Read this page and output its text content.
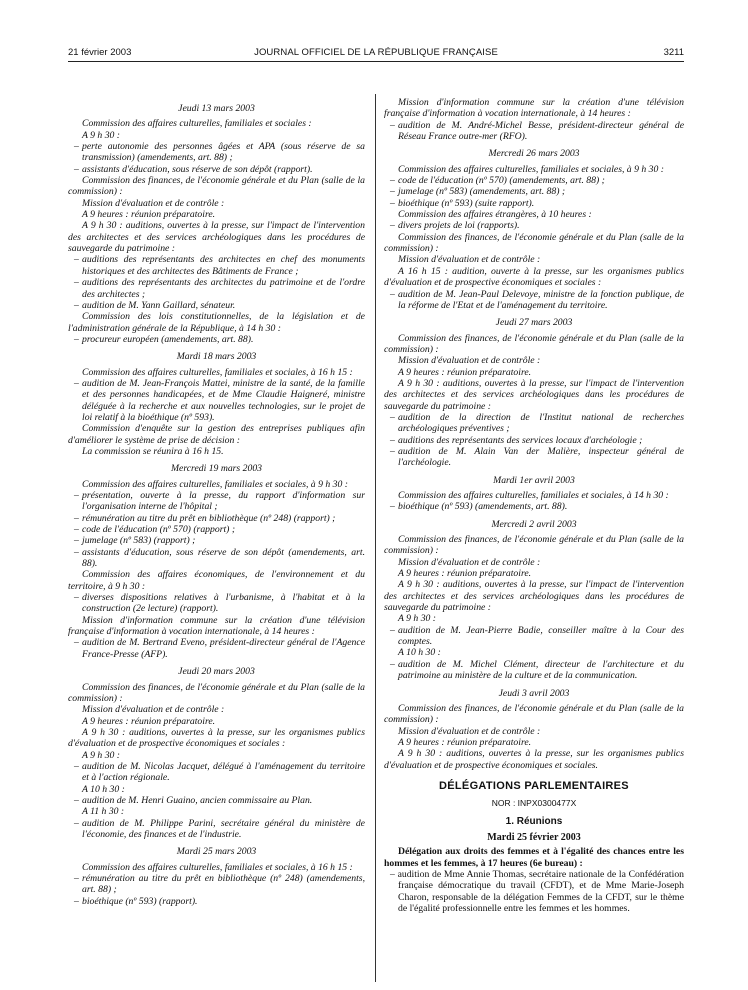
21 février 2003	JOURNAL OFFICIEL DE LA RÉPUBLIQUE FRANÇAISE	3211

Jeudi 13 mars 2003

Commission des affaires culturelles, familiales et sociales :

A 9 h 30 :

–perte autonomie des personnes âgées et APA (sous réserve de sa transmission) (amendements, art. 88) ;

–assistants d'éducation, sous réserve de son dépôt (rapport).

Commission des finances, de l'économie générale et du Plan (salle de la commission) :

Mission d'évaluation et de contrôle :

A 9 heures : réunion préparatoire.

A 9 h 30 : auditions, ouvertes à la presse, sur l'impact de l'intervention des architectes et des services archéologiques dans les procédures de sauvegarde du patrimoine :

–auditions des représentants des architectes en chef des monuments historiques et des architectes des Bâtiments de France ;

–auditions des représentants des architectes du patrimoine et de l'ordre des architectes ;

–audition de M. Yann Gaillard, sénateur.

Commission des lois constitutionnelles, de la législation et de l'administration générale de la République, à 14 h 30 :

–procureur européen (amendements, art. 88).

Mardi 18 mars 2003

Commission des affaires culturelles, familiales et sociales, à 16 h 15 :

–audition de M. Jean-François Mattei, ministre de la santé, de la famille et des personnes handicapées, et de Mme Claudie Haigneré, ministre déléguée à la recherche et aux nouvelles technologies, sur le projet de loi relatif à la bioéthique (nº 593).

Commission d'enquête sur la gestion des entreprises publiques afin d'améliorer le système de prise de décision :

La commission se réunira à 16 h 15.

Mercredi 19 mars 2003

Commission des affaires culturelles, familiales et sociales, à 9 h 30 :

–présentation, ouverte à la presse, du rapport d'information sur l'organisation interne de l'hôpital ;

–rémunération au titre du prêt en bibliothèque (nº 248) (rapport) ;

–code de l'éducation (nº 570) (rapport) ;

–jumelage (nº 583) (rapport) ;

–assistants d'éducation, sous réserve de son dépôt (amendements, art. 88).

Commission des affaires économiques, de l'environnement et du territoire, à 9 h 30 :

–diverses dispositions relatives à l'urbanisme, à l'habitat et à la construction (2e lecture) (rapport).

Mission d'information commune sur la création d'une télévision française d'information à vocation internationale, à 14 heures :

–audition de M. Bertrand Eveno, président-directeur général de l'Agence France-Presse (AFP).

Jeudi 20 mars 2003

Commission des finances, de l'économie générale et du Plan (salle de la commission) :

Mission d'évaluation et de contrôle :

A 9 heures : réunion préparatoire.

A 9 h 30 : auditions, ouvertes à la presse, sur les organismes publics d'évaluation et de prospective économiques et sociales :

A 9 h 30 :

–audition de M. Nicolas Jacquet, délégué à l'aménagement du territoire et à l'action régionale.

A 10 h 30 :

–audition de M. Henri Guaino, ancien commissaire au Plan.

A 11 h 30 :

–audition de M. Philippe Parini, secrétaire général du ministère de l'économie, des finances et de l'industrie.

Mardi 25 mars 2003

Commission des affaires culturelles, familiales et sociales, à 16 h 15 :

–rémunération au titre du prêt en bibliothèque (nº 248) (amendements, art. 88) ;

–bioéthique (nº 593) (rapport).

Mission d'information commune sur la création d'une télévision française d'information à vocation internationale, à 14 heures :

–audition de M. André-Michel Besse, président-directeur général de Réseau France outre-mer (RFO).

Mercredi 26 mars 2003

Commission des affaires culturelles, familiales et sociales, à 9 h 30 :

–code de l'éducation (nº 570) (amendements, art. 88) ;

–jumelage (nº 583) (amendements, art. 88) ;

–bioéthique (nº 593) (suite rapport).

Commission des affaires étrangères, à 10 heures :

–divers projets de loi (rapports).

Commission des finances, de l'économie générale et du Plan (salle de la commission) :

Mission d'évaluation et de contrôle :

A 16 h 15 : audition, ouverte à la presse, sur les organismes publics d'évaluation et de prospective économiques et sociales :

–audition de M. Jean-Paul Delevoye, ministre de la fonction publique, de la réforme de l'Etat et de l'aménagement du territoire.

Jeudi 27 mars 2003

Commission des finances, de l'économie générale et du Plan (salle de la commission) :

Mission d'évaluation et de contrôle :

A 9 heures : réunion préparatoire.

A 9 h 30 : auditions, ouvertes à la presse, sur l'impact de l'intervention des architectes et des services archéologiques dans les procédures de sauvegarde du patrimoine :

–audition de la direction de l'Institut national de recherches archéologiques préventives ;

–auditions des représentants des services locaux d'archéologie ;

–audition de M. Alain Van der Malière, inspecteur général de l'archéologie.

Mardi 1er avril 2003

Commission des affaires culturelles, familiales et sociales, à 14 h 30 :

–bioéthique (nº 593) (amendements, art. 88).

Mercredi 2 avril 2003

Commission des finances, de l'économie générale et du Plan (salle de la commission) :

Mission d'évaluation et de contrôle :

A 9 heures : réunion préparatoire.

A 9 h 30 : auditions, ouvertes à la presse, sur l'impact de l'intervention des architectes et des services archéologiques dans les procédures de sauvegarde du patrimoine :

A 9 h 30 :

–audition de M. Jean-Pierre Badie, conseiller maître à la Cour des comptes.

A 10 h 30 :

–audition de M. Michel Clément, directeur de l'architecture et du patrimoine au ministère de la culture et de la communication.

Jeudi 3 avril 2003

Commission des finances, de l'économie générale et du Plan (salle de la commission) :

Mission d'évaluation et de contrôle :

A 9 heures : réunion préparatoire.

A 9 h 30 : auditions, ouvertes à la presse, sur les organismes publics d'évaluation et de prospective économiques et sociales.

DÉLÉGATIONS PARLEMENTAIRES

NOR : INPX0300477X

1. Réunions

Mardi 25 février 2003

Délégation aux droits des femmes et à l'égalité des chances entre les hommes et les femmes, à 17 heures (6e bureau) :

– audition de Mme Annie Thomas, secrétaire nationale de la Confédération française démocratique du travail (CFDT), et de Mme Marie-Joseph Charon, responsable de la délégation Femmes de la CFDT, sur le thème de l'égalité professionnelle entre les femmes et les hommes.
